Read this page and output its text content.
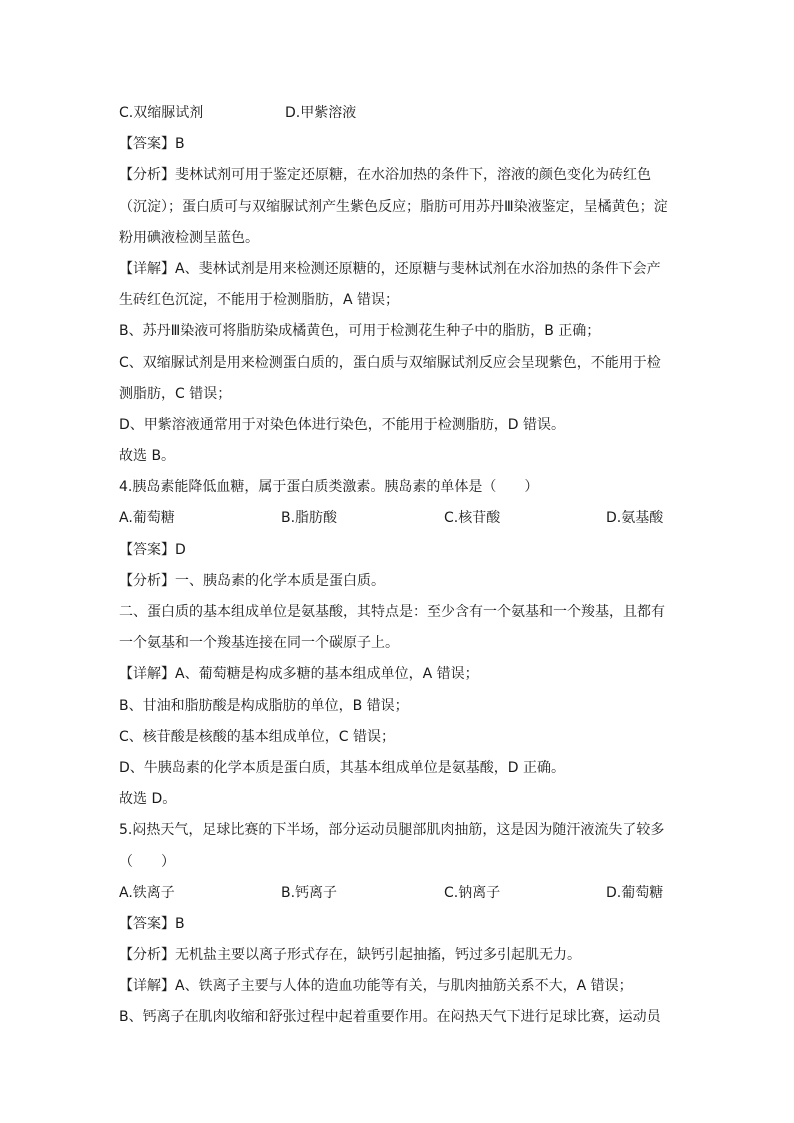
C.双缩脲试剂	D.甲紫溶液
【答案】B
【分析】斐林试剂可用于鉴定还原糖，在水浴加热的条件下，溶液的颜色变化为砖红色
（沉淀）；蛋白质可与双缩脲试剂产生紫色反应；脂肪可用苏丹Ⅲ染液鉴定，呈橘黄色；淀
粉用碘液检测呈蓝色。
【详解】A、斐林试剂是用来检测还原糖的，还原糖与斐林试剂在水浴加热的条件下会产
生砖红色沉淀，不能用于检测脂肪，A 错误；
B、苏丹Ⅲ染液可将脂肪染成橘黄色，可用于检测花生种子中的脂肪，B 正确；
C、双缩脲试剂是用来检测蛋白质的，蛋白质与双缩脲试剂反应会呈现紫色，不能用于检
测脂肪，C 错误；
D、甲紫溶液通常用于对染色体进行染色，不能用于检测脂肪，D 错误。
故选 B。
4.胰岛素能降低血糖，属于蛋白质类激素。胰岛素的单体是（　　）
A.葡萄糖	B.脂肪酸	C.核苷酸	D.氨基酸
【答案】D
【分析】一、胰岛素的化学本质是蛋白质。
二、蛋白质的基本组成单位是氨基酸，其特点是：至少含有一个氨基和一个羧基，且都有
一个氨基和一个羧基连接在同一个碳原子上。
【详解】A、葡萄糖是构成多糖的基本组成单位，A 错误；
B、甘油和脂肪酸是构成脂肪的单位，B 错误；
C、核苷酸是核酸的基本组成单位，C 错误；
D、牛胰岛素的化学本质是蛋白质，其基本组成单位是氨基酸，D 正确。
故选 D。
5.闷热天气，足球比赛的下半场，部分运动员腿部肌肉抽筋，这是因为随汗液流失了较多
（　　）
A.铁离子	B.钙离子	C.钠离子	D.葡萄糖
【答案】B
【分析】无机盐主要以离子形式存在，缺钙引起抽搐，钙过多引起肌无力。
【详解】A、铁离子主要与人体的造血功能等有关，与肌肉抽筋关系不大，A 错误；
B、钙离子在肌肉收缩和舒张过程中起着重要作用。在闷热天气下进行足球比赛，运动员
